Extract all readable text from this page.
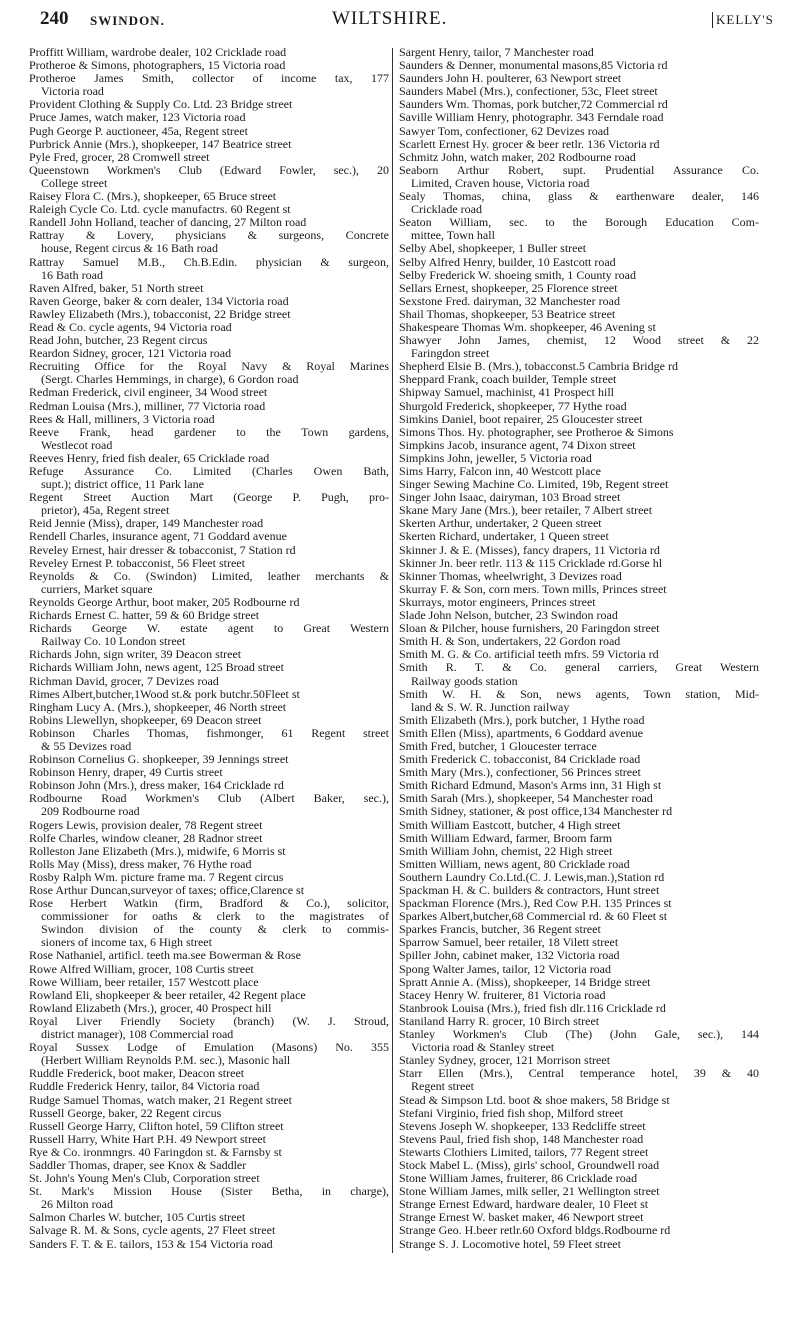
240 SWINDON.	WILTSHIRE.	KELLY'S
Proffitt William, wardrobe dealer, 102 Cricklade road
Protheroe & Simons, photographers, 15 Victoria road
Protheroe James Smith, collector of income tax, 177
Victoria road
Provident Clothing & Supply Co. Ltd. 23 Bridge street
Pruce James, watch maker, 123 Victoria road
Pugh George P. auctioneer, 45a, Regent street
Purbrick Annie (Mrs.), shopkeeper, 147 Beatrice street
Pyle Fred, grocer, 28 Cromwell street
Queenstown Workmen's Club (Edward Fowler, sec.), 20
College street
Raisey Flora C. (Mrs.), shopkeeper, 65 Bruce street
Raleigh Cycle Co. Ltd. cycle manufactrs. 60 Regent st
Randell John Holland, teacher of dancing, 27 Milton road
Rattray & Lovery, physicians & surgeons, Concrete
house, Regent circus & 16 Bath road
Rattray Samuel M.B., Ch.B.Edin. physician & surgeon,
16 Bath road
Raven Alfred, baker, 51 North street
Raven George, baker & corn dealer, 134 Victoria road
Rawley Elizabeth (Mrs.), tobacconist, 22 Bridge street
Read & Co. cycle agents, 94 Victoria road
Read John, butcher, 23 Regent circus
Reardon Sidney, grocer, 121 Victoria road
Recruiting Office for the Royal Navy & Royal Marines
(Sergt. Charles Hemmings, in charge), 6 Gordon road
Redman Frederick, civil engineer, 34 Wood street
Redman Louisa (Mrs.), milliner, 77 Victoria road
Rees & Hall, milliners, 3 Victoria road
Reeve Frank, head gardener to the Town gardens,
Westlecot road
Reeves Henry, fried fish dealer, 65 Cricklade road
Refuge Assurance Co. Limited (Charles Owen Bath,
supt.); district office, 11 Park lane
Regent Street Auction Mart (George P. Pugh, pro-
prietor), 45a, Regent street
Reid Jennie (Miss), draper, 149 Manchester road
Rendell Charles, insurance agent, 71 Goddard avenue
Reveley Ernest, hair dresser & tobacconist, 7 Station rd
Reveley Ernest P. tobacconist, 56 Fleet street
Reynolds & Co. (Swindon) Limited, leather merchants &
curriers, Market square
Reynolds George Arthur, boot maker, 205 Rodbourne rd
Richards Ernest C. hatter, 59 & 60 Bridge street
Richards George W. estate agent to Great Western
Railway Co. 10 London street
Richards John, sign writer, 39 Deacon street
Richards William John, news agent, 125 Broad street
Richman David, grocer, 7 Devizes road
Rimes Albert,butcher,1Wood st.& pork butchr.50Fleet st
Ringham Lucy A. (Mrs.), shopkeeper, 46 North street
Robins Llewellyn, shopkeeper, 69 Deacon street
Robinson Charles Thomas, fishmonger, 61 Regent street
& 55 Devizes road
Robinson Cornelius G. shopkeeper, 39 Jennings street
Robinson Henry, draper, 49 Curtis street
Robinson John (Mrs.), dress maker, 164 Cricklade rd
Rodbourne Road Workmen's Club (Albert Baker, sec.),
209 Rodbourne road
Rogers Lewis, provision dealer, 78 Regent street
Rolfe Charles, window cleaner, 28 Radnor street
Rolleston Jane Elizabeth (Mrs.), midwife, 6 Morris st
Rolls May (Miss), dress maker, 76 Hythe road
Rosby Ralph Wm. picture frame ma. 7 Regent circus
Rose Arthur Duncan,surveyor of taxes; office,Clarence st
Rose Herbert Watkin (firm, Bradford & Co.), solicitor,
commissioner for oaths & clerk to the magistrates of
Swindon division of the county & clerk to commis-
sioners of income tax, 6 High street
Rose Nathaniel, artificl. teeth ma.see Bowerman & Rose
Rowe Alfred William, grocer, 108 Curtis street
Rowe William, beer retailer, 157 Westcott place
Rowland Eli, shopkeeper & beer retailer, 42 Regent place
Rowland Elizabeth (Mrs.), grocer, 40 Prospect hill
Royal Liver Friendly Society (branch) (W. J. Stroud,
district manager), 108 Commercial road
Royal Sussex Lodge of Emulation (Masons) No. 355
(Herbert William Reynolds P.M. sec.), Masonic hall
Ruddle Frederick, boot maker, Deacon street
Ruddle Frederick Henry, tailor, 84 Victoria road
Rudge Samuel Thomas, watch maker, 21 Regent street
Russell George, baker, 22 Regent circus
Russell George Harry, Clifton hotel, 59 Clifton street
Russell Harry, White Hart P.H. 49 Newport street
Rye & Co. ironmngrs. 40 Faringdon st. & Farnsby st
Saddler Thomas, draper, see Knox & Saddler
St. John's Young Men's Club, Corporation street
St. Mark's Mission House (Sister Betha, in charge),
26 Milton road
Salmon Charles W. butcher, 105 Curtis street
Salvage R. M. & Sons, cycle agents, 27 Fleet street
Sanders F. T. & E. tailors, 153 & 154 Victoria road
Sargent Henry, tailor, 7 Manchester road
Saunders & Denner, monumental masons,85 Victoria rd
Saunders John H. poulterer, 63 Newport street
Saunders Mabel (Mrs.), confectioner, 53c, Fleet street
Saunders Wm. Thomas, pork butcher,72 Commercial rd
Saville William Henry, photographr. 343 Ferndale road
Sawyer Tom, confectioner, 62 Devizes road
Scarlett Ernest Hy. grocer & beer retlr. 136 Victoria rd
Schmitz John, watch maker, 202 Rodbourne road
Seaborn Arthur Robert, supt. Prudential Assurance Co.
Limited, Craven house, Victoria road
Sealy Thomas, china, glass & earthenware dealer, 146
Cricklade road
Seaton William, sec. to the Borough Education Com-
mittee, Town hall
Selby Abel, shopkeeper, 1 Buller street
Selby Alfred Henry, builder, 10 Eastcott road
Selby Frederick W. shoeing smith, 1 County road
Sellars Ernest, shopkeeper, 25 Florence street
Sexstone Fred. dairyman, 32 Manchester road
Shail Thomas, shopkeeper, 53 Beatrice street
Shakespeare Thomas Wm. shopkeeper, 46 Avening st
Shawyer John James, chemist, 12 Wood street & 22
Faringdon street
Shepherd Elsie B. (Mrs.), tobacconst.5 Cambria Bridge rd
Sheppard Frank, coach builder, Temple street
Shipway Samuel, machinist, 41 Prospect hill
Shurgold Frederick, shopkeeper, 77 Hythe road
Simkins Daniel, boot repairer, 25 Gloucester street
Simons Thos. Hy. photographer, see Protheroe & Simons
Simpkins Jacob, insurance agent, 74 Dixon street
Simpkins John, jeweller, 5 Victoria road
Sims Harry, Falcon inn, 40 Westcott place
Singer Sewing Machine Co. Limited, 19b, Regent street
Singer John Isaac, dairyman, 103 Broad street
Skane Mary Jane (Mrs.), beer retailer, 7 Albert street
Skerten Arthur, undertaker, 2 Queen street
Skerten Richard, undertaker, 1 Queen street
Skinner J. & E. (Misses), fancy drapers, 11 Victoria rd
Skinner Jn. beer retlr. 113 & 115 Cricklade rd.Gorse hl
Skinner Thomas, wheelwright, 3 Devizes road
Skurray F. & Son, corn mers. Town mills, Princes street
Skurrays, motor engineers, Princes street
Slade John Nelson, butcher, 23 Swindon road
Sloan & Pilcher, house furnishers, 20 Faringdon street
Smith H. & Son, undertakers, 22 Gordon road
Smith M. G. & Co. artificial teeth mfrs. 59 Victoria rd
Smith R. T. & Co. general carriers, Great Western
Railway goods station
Smith W. H. & Son, news agents, Town station, Mid-
land & S. W. R. Junction railway
Smith Elizabeth (Mrs.), pork butcher, 1 Hythe road
Smith Ellen (Miss), apartments, 6 Goddard avenue
Smith Fred, butcher, 1 Gloucester terrace
Smith Frederick C. tobacconist, 84 Cricklade road
Smith Mary (Mrs.), confectioner, 56 Princes street
Smith Richard Edmund, Mason's Arms inn, 31 High st
Smith Sarah (Mrs.), shopkeeper, 54 Manchester road
Smith Sidney, stationer, & post office,134 Manchester rd
Smith William Eastcott, butcher, 4 High street
Smith William Edward, farmer, Broom farm
Smith William John, chemist, 22 High street
Smitten William, news agent, 80 Cricklade road
Southern Laundry Co.Ltd.(C. J. Lewis,man.),Station rd
Spackman H. & C. builders & contractors, Hunt street
Spackman Florence (Mrs.), Red Cow P.H. 135 Princes st
Sparkes Albert,butcher,68 Commercial rd. & 60 Fleet st
Sparkes Francis, butcher, 36 Regent street
Sparrow Samuel, beer retailer, 18 Vilett street
Spiller John, cabinet maker, 132 Victoria road
Spong Walter James, tailor, 12 Victoria road
Spratt Annie A. (Miss), shopkeeper, 14 Bridge street
Stacey Henry W. fruiterer, 81 Victoria road
Stanbrook Louisa (Mrs.), fried fish dlr.116 Cricklade rd
Staniland Harry R. grocer, 10 Birch street
Stanley Workmen's Club (The) (John Gale, sec.), 144
Victoria road & Stanley street
Stanley Sydney, grocer, 121 Morrison street
Starr Ellen (Mrs.), Central temperance hotel, 39 & 40
Regent street
Stead & Simpson Ltd. boot & shoe makers, 58 Bridge st
Stefani Virginio, fried fish shop, Milford street
Stevens Joseph W. shopkeeper, 133 Redcliffe street
Stevens Paul, fried fish shop, 148 Manchester road
Stewarts Clothiers Limited, tailors, 77 Regent street
Stock Mabel L. (Miss), girls' school, Groundwell road
Stone William James, fruiterer, 86 Cricklade road
Stone William James, milk seller, 21 Wellington street
Strange Ernest Edward, hardware dealer, 10 Fleet st
Strange Ernest W. basket maker, 46 Newport street
Strange Geo. H.beer retlr.60 Oxford bldgs.Rodbourne rd
Strange S. J. Locomotive hotel, 59 Fleet street
